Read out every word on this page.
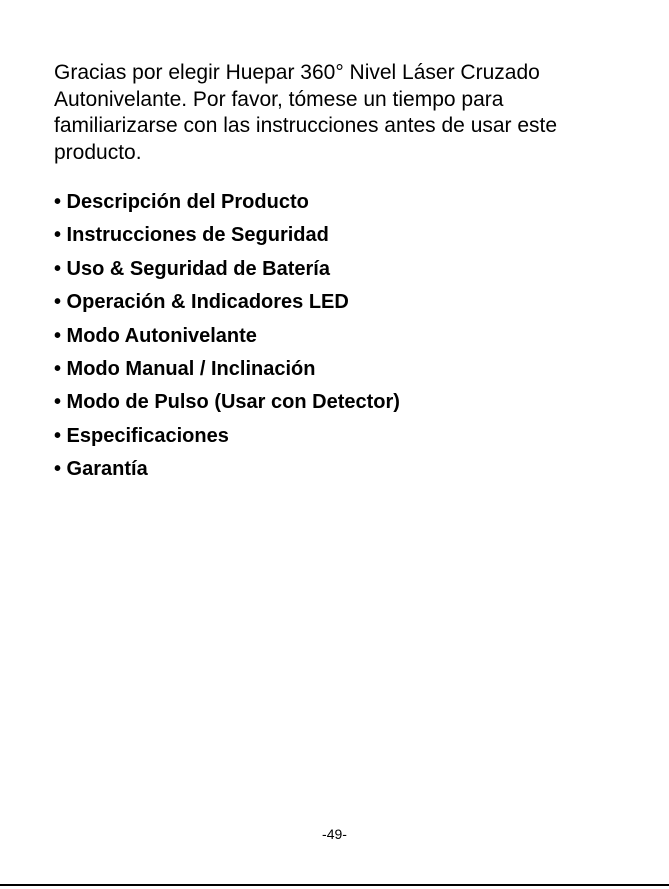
Gracias por elegir Huepar 360° Nivel Láser Cruzado
Autonivelante. Por favor, tómese un tiempo para
familiarizarse con las instrucciones antes de usar este
producto.

• Descripción del Producto
• Instrucciones de Seguridad
• Uso & Seguridad de Batería
• Operación & Indicadores LED
• Modo Autonivelante
• Modo Manual / Inclinación
• Modo de Pulso (Usar con Detector)
• Especificaciones
• Garantía
-49-
